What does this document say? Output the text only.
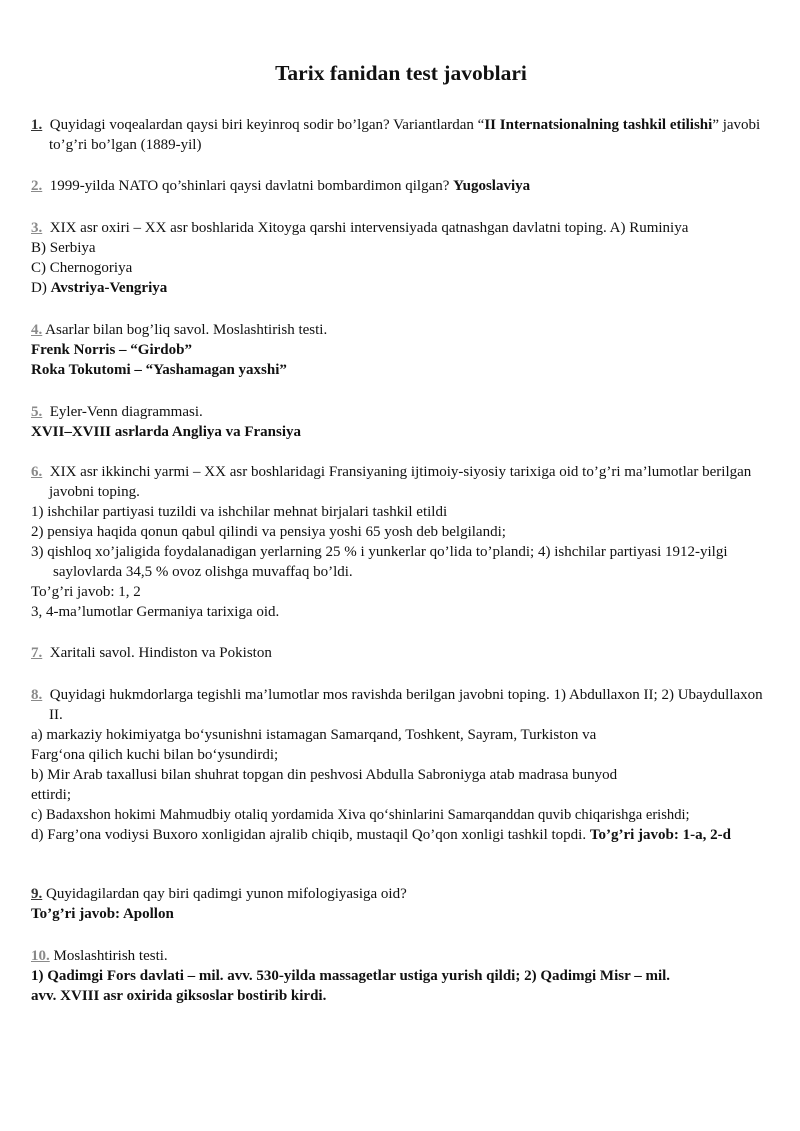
Tarix fanidan test javoblari
1. Quyidagi voqealardan qaysi biri keyinroq sodir bo’lgan? Variantlardan “II Internatsionalning tashkil etilishi” javobi to’g’ri bo’lgan (1889-yil)
2. 1999-yilda NATO qo’shinlari qaysi davlatni bombardimon qilgan? Yugoslaviya
3. XIX asr oxiri – XX asr boshlarida Xitoyga qarshi intervensiyada qatnashgan davlatni toping. A) Ruminiya
B) Serbiya
C) Chernogoriya
D) Avstriya-Vengriya
4. Asarlar bilan bog’liq savol. Moslashtirish testi.
Frenk Norris – “Girdob”
Roka Tokutomi – “Yashamagan yaxshi”
5. Eyler-Venn diagrammasi.
XVII–XVIII asrlarda Angliya va Fransiya
6. XIX asr ikkinchi yarmi – XX asr boshlaridagi Fransiyaning ijtimoiy-siyosiy tarixiga oid to’g’ri ma’lumotlar berilgan javobni toping.
1) ishchilar partiyasi tuzildi va ishchilar mehnat birjalari tashkil etildi
2) pensiya haqida qonun qabul qilindi va pensiya yoshi 65 yosh deb belgilandi;
3) qishloq xo’jaligida foydalanadigan yerlarning 25 % i yunkerlar qo’lida to’plandi; 4) ishchilar partiyasi 1912-yilgi saylovlarda 34,5 % ovoz olishga muvaffaq bo’ldi.
To’g’ri javob: 1, 2
3, 4-ma’lumotlar Germaniya tarixiga oid.
7. Xaritali savol. Hindiston va Pokiston
8. Quyidagi hukmdorlarga tegishli ma’lumotlar mos ravishda berilgan javobni toping. 1) Abdullaxon II; 2) Ubaydullaxon II.
a) markaziy hokimiyatga bo‘ysunishni istamagan Samarqand, Toshkent, Sayram, Turkiston va
Farg‘ona qilich kuchi bilan bo‘ysundirdi;
b) Mir Arab taxallusi bilan shuhrat topgan din peshvosi Abdulla Sabroniyga atab madrasa bunyod
ettirdi;
c) Badaxshon hokimi Mahmudbiy otaliq yordamida Xiva qo‘shinlarini Samarqanddan quvib chiqarishga erishdi;
d) Farg’ona vodiysi Buxoro xonligidan ajralib chiqib, mustaqil Qo’qon xonligi tashkil topdi. To’g’ri javob: 1-a, 2-d
9. Quyidagilardan qay biri qadimgi yunon mifologiyasiga oid?
To’g’ri javob: Apollon
10. Moslashtirish testi.
1) Qadimgi Fors davlati – mil. avv. 530-yilda massagetlar ustiga yurish qildi; 2) Qadimgi Misr – mil. avv. XVIII asr oxirida giksoslar bostirib kirdi.
